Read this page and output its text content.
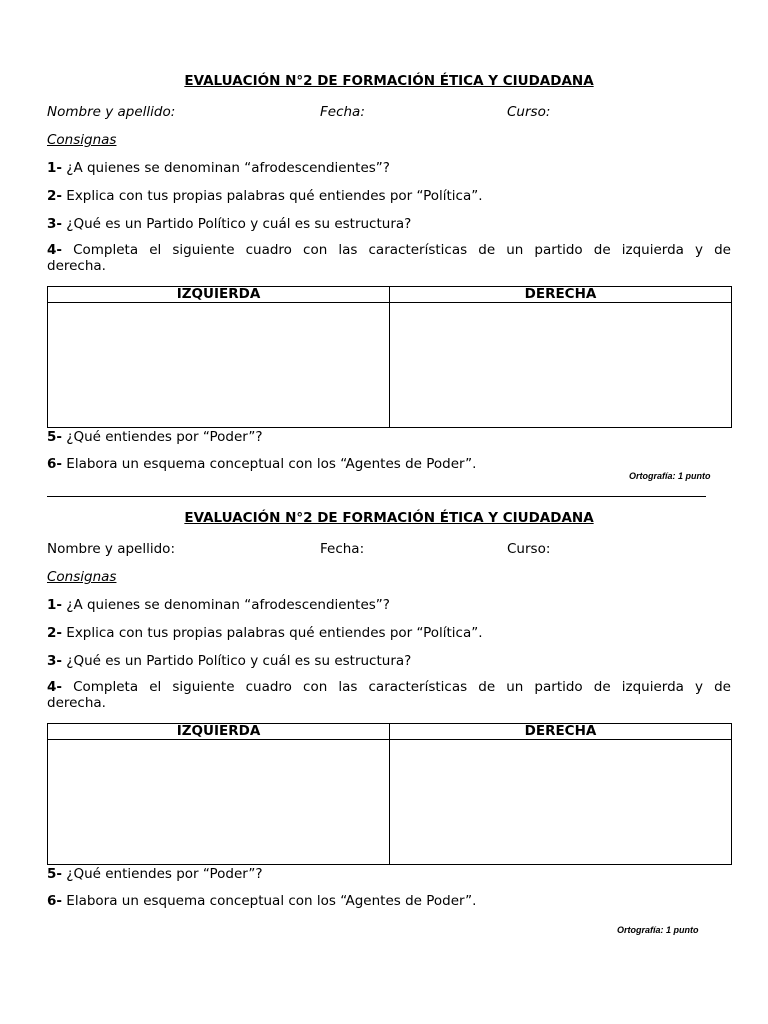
EVALUACIÓN N°2 DE FORMACIÓN ÉTICA Y CIUDADANA

Nombre y apellido:	Fecha:	Curso:
Consignas
1- ¿A quienes se denominan “afrodescendientes”?
2- Explica con tus propias palabras qué entiendes por “Política”.
3- ¿Qué es un Partido Político y cuál es su estructura?
4- Completa el siguiente cuadro con las características de un partido de izquierda y de
derecha.
IZQUIERDA	DERECHA

5- ¿Qué entiendes por “Poder”?
6- Elabora un esquema conceptual con los “Agentes de Poder”.
Ortografía: 1 punto

EVALUACIÓN N°2 DE FORMACIÓN ÉTICA Y CIUDADANA

Nombre y apellido:	Fecha:	Curso:
Consignas
1- ¿A quienes se denominan “afrodescendientes”?
2- Explica con tus propias palabras qué entiendes por “Política”.
3- ¿Qué es un Partido Político y cuál es su estructura?
4- Completa el siguiente cuadro con las características de un partido de izquierda y de
derecha.
IZQUIERDA	DERECHA

5- ¿Qué entiendes por “Poder”?
6- Elabora un esquema conceptual con los “Agentes de Poder”.
Ortografía: 1 punto
